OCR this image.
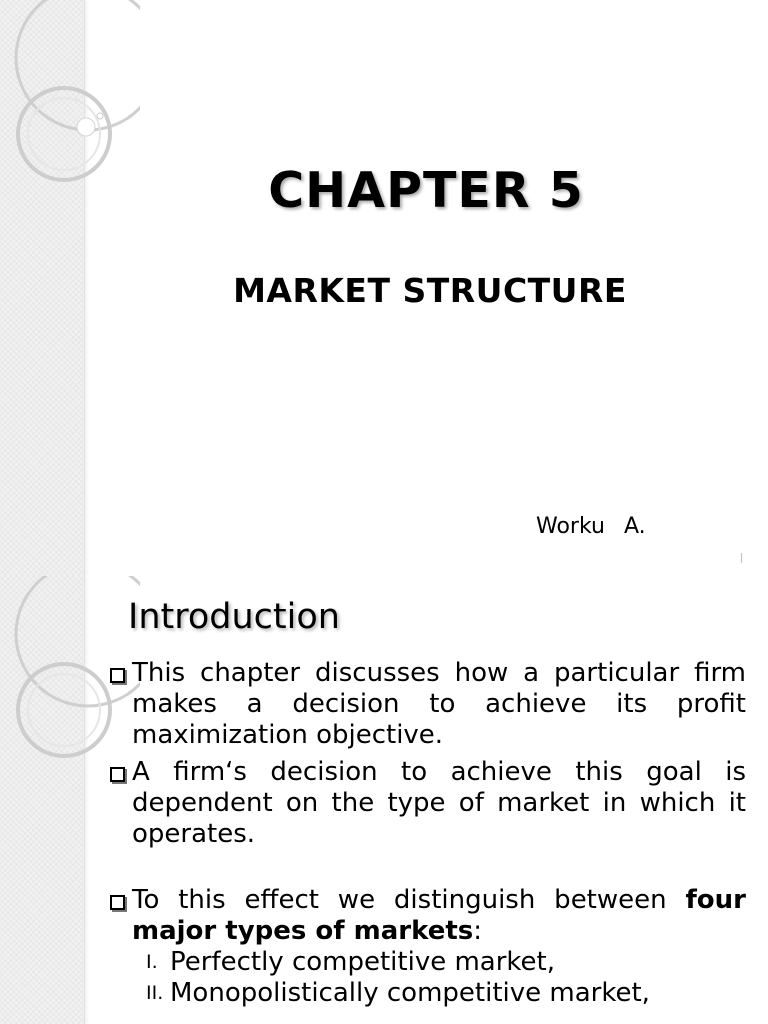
CHAPTER 5
MARKET STRUCTURE
Worku A.
Introduction
This chapter discusses how a particular firm makes a decision to achieve its profit maximization objective.
A firm‘s decision to achieve this goal is dependent on the type of market in which it operates.
To this effect we distinguish between four major types of markets:
I. Perfectly competitive market,
II. Monopolistically competitive market,
